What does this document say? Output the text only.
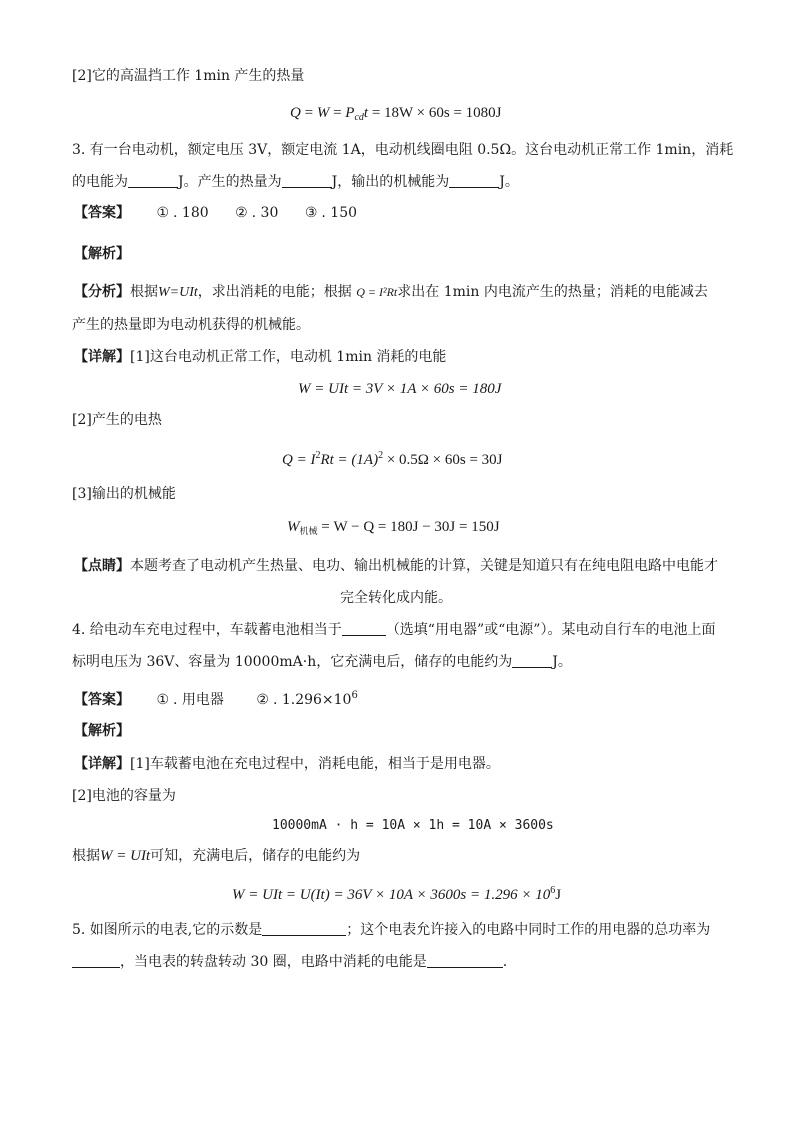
[2]它的高温挡工作 1min 产生的热量
$Q = W = P_{cd}t = 18W \times 60s = 1080J$
3. 有一台电动机，额定电压 3V，额定电流 1A，电动机线圈电阻 0.5Ω。这台电动机正常工作 1min，消耗
的电能为	J。产生的热量为	J，输出的机械能为	J。
【答案】 ① . 180 ② . 30 ③ . 150
【解析】
【分析】根据W=UIt，求出消耗的电能；根据 Q = I²Rt求出在 1min 内电流产生的热量；消耗的电能减去
产生的热量即为电动机获得的机械能。
【详解】[1]这台电动机正常工作，电动机 1min 消耗的电能
W = UIt = 3V × 1A × 60s = 180J
[2]产生的电热
$Q = I^2Rt = (1A)^2 \times 0.5\Omega \times 60s = 30J$
[3]输出的机械能
$W_{机械} = W - Q = 180J - 30J = 150J$
【点睛】本题考查了电动机产生热量、电功、输出机械能的计算，关键是知道只有在纯电阻电路中电能才
完全转化成内能。
4. 给电动车充电过程中，车载蓄电池相当于	（选填“用电器”或“电源”）。某电动自行车的电池上面
标明电压为 36V、容量为 10000mA·h，它充满电后，储存的电能约为	J。
【答案】 ① . 用电器 ② . $1.296\times 10^6$
【解析】
【详解】[1]车载蓄电池在充电过程中，消耗电能，相当于是用电器。
[2]电池的容量为
10000mA · h = 10A × 1h = 10A × 3600s
根据W = UIt可知，充满电后，储存的电能约为
W = UIt = $U(It) = 36V \times 10A \times 3600s = 1.296 \times 10^6J$
5. 如图所示的电表,它的示数是	；这个电表允许接入的电路中同时工作的用电器的总功率为
，当电表的转盘转动 30 圈，电路中消耗的电能是	.
